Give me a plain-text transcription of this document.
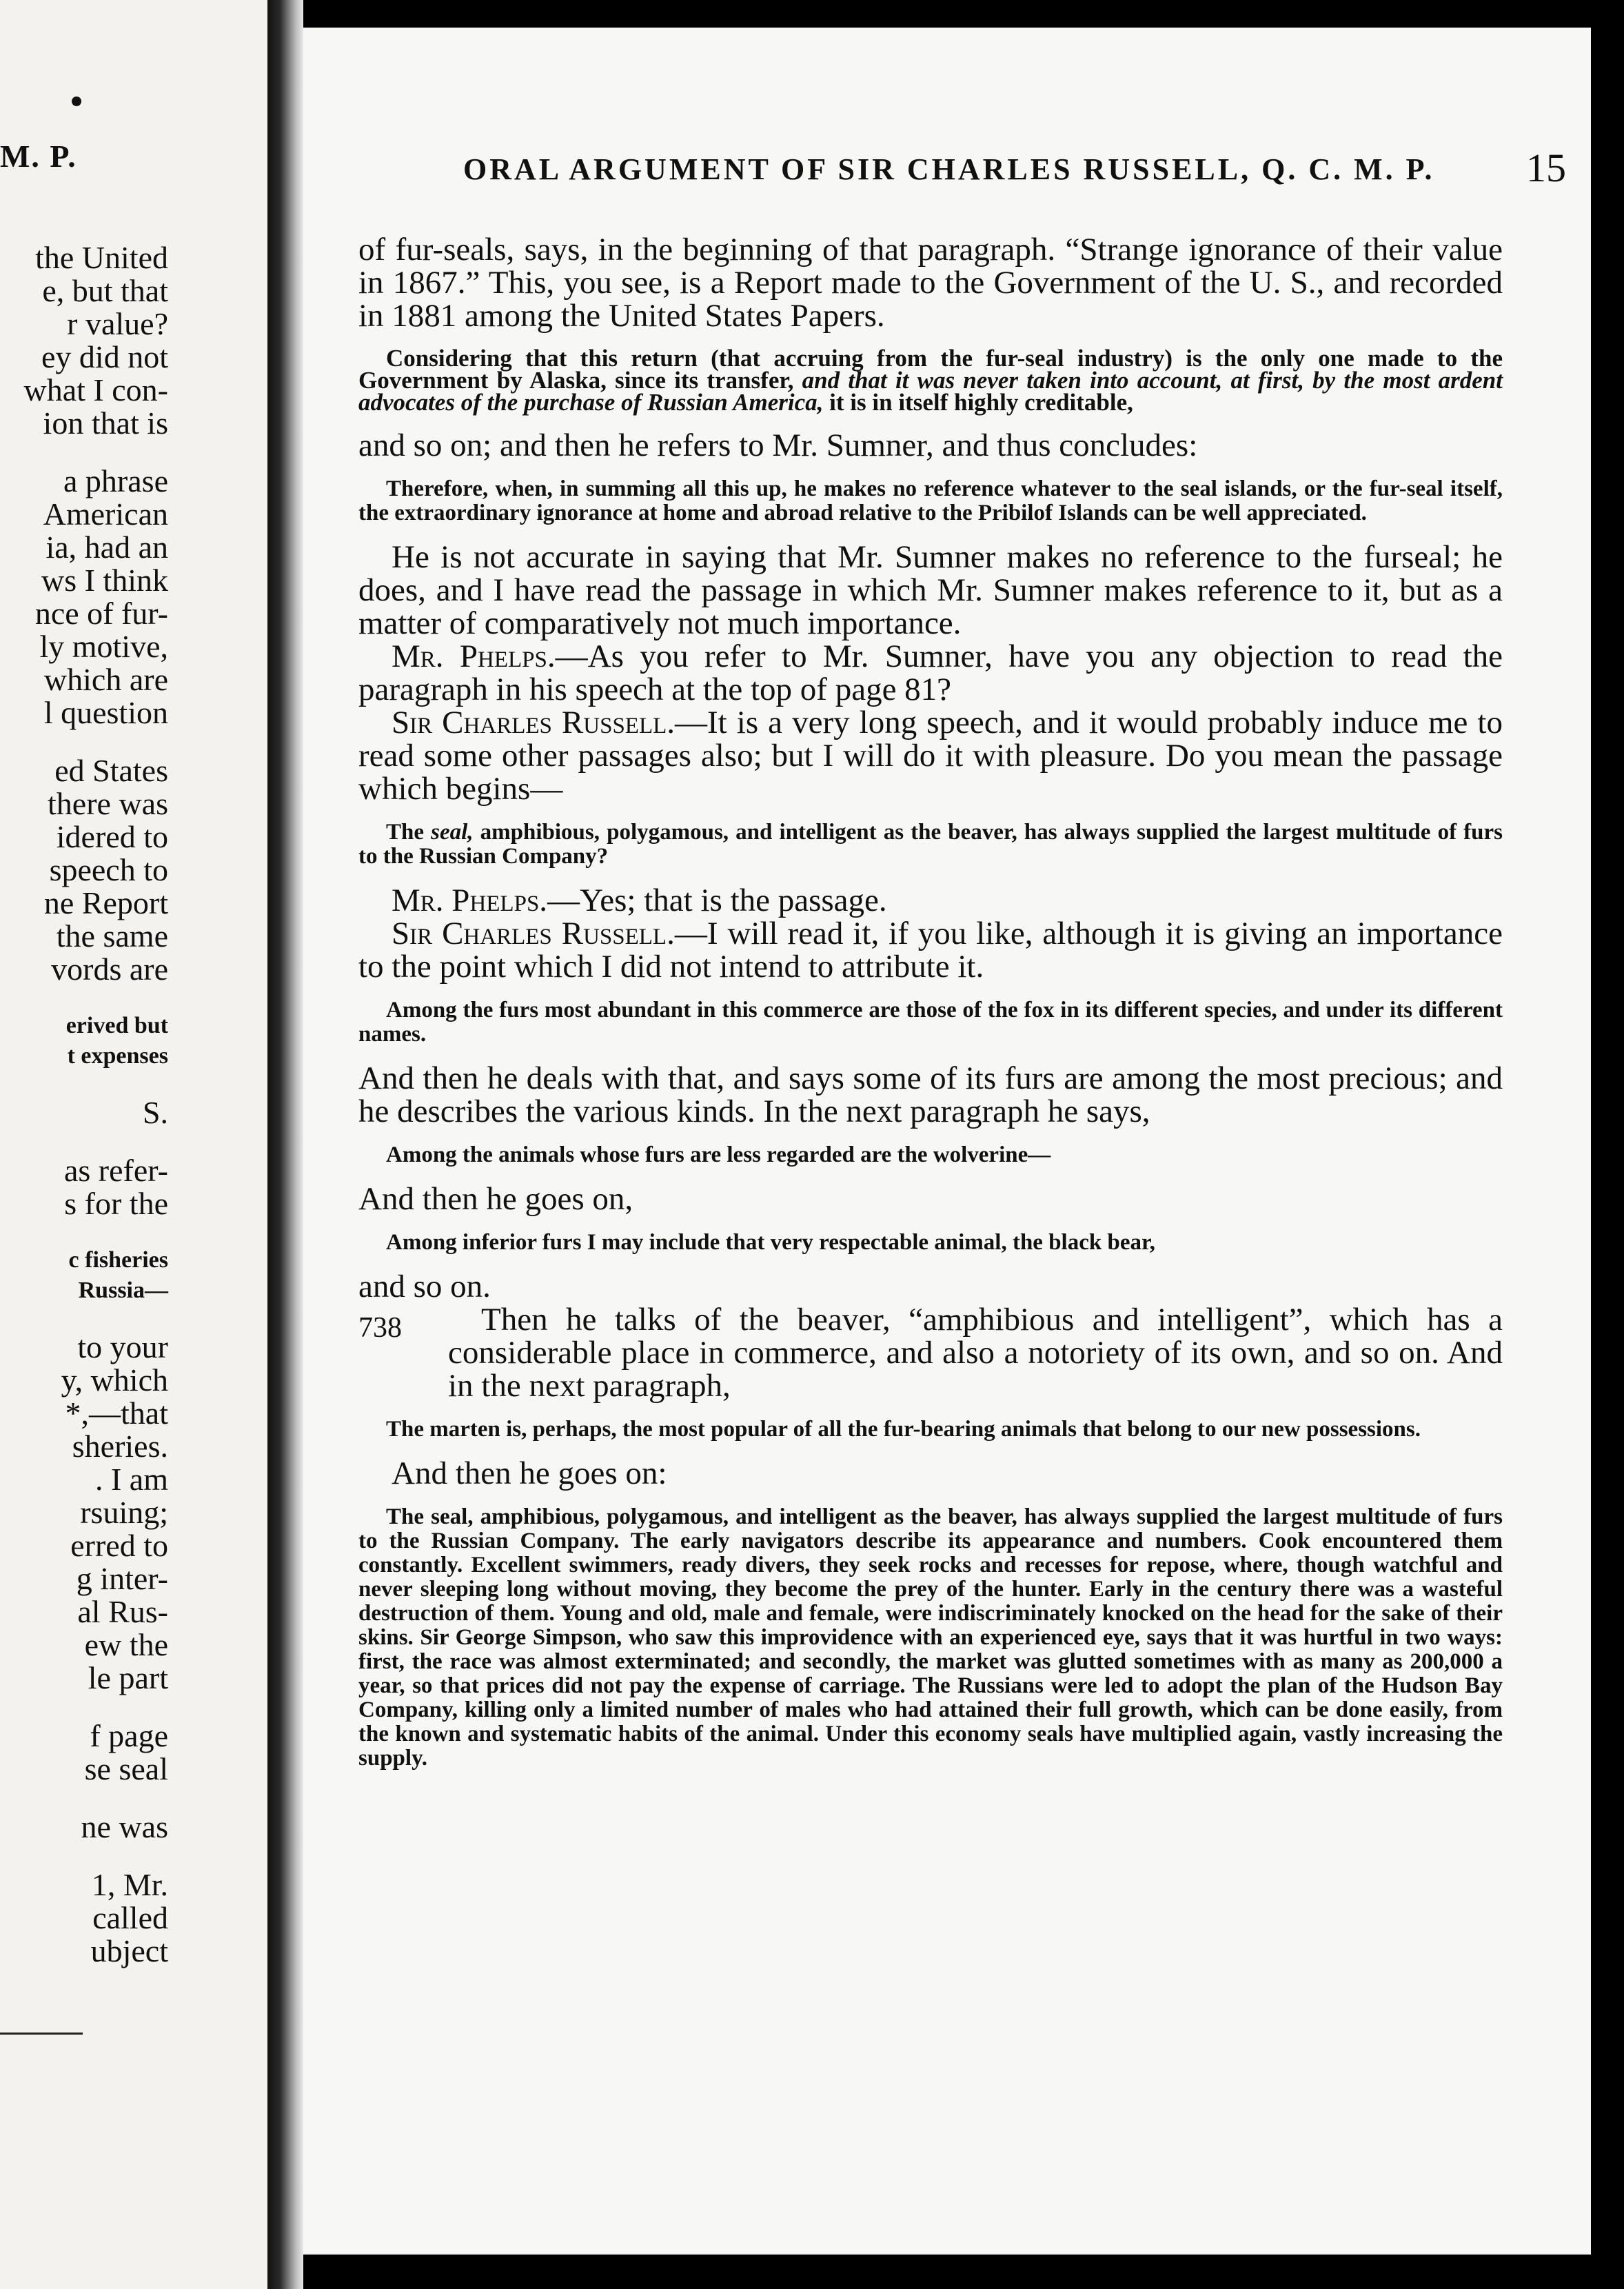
M. P.
the United
e, but that
r value?
ey did not
what I con-
ion that is
a phrase
American
ia, had an
ws I think
nce of fur-
ly motive,
which are
l question
ed States
there was
idered to
speech to
ne Report
the same
vords are
erived but
t expenses
S.
as refer-
s for the
c fisheries
Russia—
to your
y, which
*,—that
sheries.
. I am
rsuing;
erred to
g inter-
al Rus-
ew the
le part
f page
se seal
ne was
1, Mr.
called
ubject
ORAL ARGUMENT OF SIR CHARLES RUSSELL, Q. C. M. P. 15

of fur-seals, says, in the beginning of that paragraph. “Strange ignorance of their value in 1867.” This, you see, is a Report made to the Government of the U. S., and recorded in 1881 among the United States Papers.

Considering that this return (that accruing from the fur-seal industry) is the only one made to the Government by Alaska, since its transfer, and that it was never taken into account, at first, by the most ardent advocates of the purchase of Russian America, it is in itself highly creditable,

and so on; and then he refers to Mr. Sumner, and thus concludes:

Therefore, when, in summing all this up, he makes no reference whatever to the seal islands, or the fur-seal itself, the extraordinary ignorance at home and abroad relative to the Pribilof Islands can be well appreciated.

He is not accurate in saying that Mr. Sumner makes no reference to the furseal; he does, and I have read the passage in which Mr. Sumner makes reference to it, but as a matter of comparatively not much importance.

Mr. Phelps.—As you refer to Mr. Sumner, have you any objection to read the paragraph in his speech at the top of page 81?

Sir Charles Russell.—It is a very long speech, and it would probably induce me to read some other passages also; but I will do it with pleasure. Do you mean the passage which begins—

The seal, amphibious, polygamous, and intelligent as the beaver, has always supplied the largest multitude of furs to the Russian Company?

Mr. Phelps.—Yes; that is the passage.

Sir Charles Russell.—I will read it, if you like, although it is giving an importance to the point which I did not intend to attribute it.

Among the furs most abundant in this commerce are those of the fox in its different species, and under its different names.

And then he deals with that, and says some of its furs are among the most precious; and he describes the various kinds. In the next paragraph he says,

Among the animals whose furs are less regarded are the wolverine—

And then he goes on,

Among inferior furs I may include that very respectable animal, the black bear,

and so on.

738	Then he talks of the beaver, “amphibious and intelligent”, which has a considerable place in commerce, and also a notoriety of its own, and so on. And in the next paragraph,

The marten is, perhaps, the most popular of all the fur-bearing animals that belong to our new possessions.

And then he goes on:

The seal, amphibious, polygamous, and intelligent as the beaver, has always supplied the largest multitude of furs to the Russian Company. The early navigators describe its appearance and numbers. Cook encountered them constantly. Excellent swimmers, ready divers, they seek rocks and recesses for repose, where, though watchful and never sleeping long without moving, they become the prey of the hunter. Early in the century there was a wasteful destruction of them. Young and old, male and female, were indiscriminately knocked on the head for the sake of their skins. Sir George Simpson, who saw this improvidence with an experienced eye, says that it was hurtful in two ways: first, the race was almost exterminated; and secondly, the market was glutted sometimes with as many as 200,000 a year, so that prices did not pay the expense of carriage. The Russians were led to adopt the plan of the Hudson Bay Company, killing only a limited number of males who had attained their full growth, which can be done easily, from the known and systematic habits of the animal. Under this economy seals have multiplied again, vastly increasing the supply.
